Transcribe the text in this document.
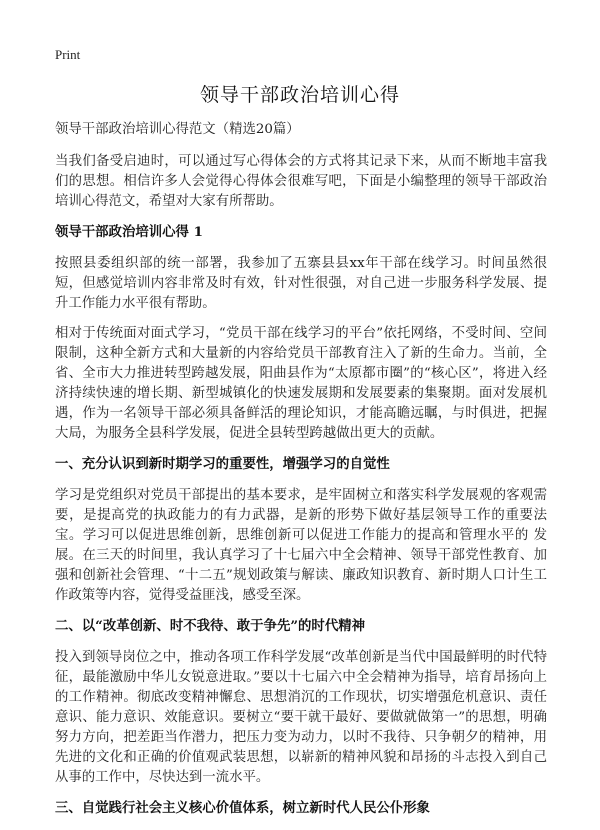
Print
领导干部政治培训心得
领导干部政治培训心得范文（精选20篇）

当我们备受启迪时，可以通过写心得体会的方式将其记录下来，从而不断地丰富我们的思想。相信许多人会觉得心得体会很难写吧，下面是小编整理的领导干部政治培训心得范文，希望对大家有所帮助。

领导干部政治培训心得 1

按照县委组织部的统一部署，我参加了五寨县县xx年干部在线学习。时间虽然很短，但感觉培训内容非常及时有效，针对性很强，对自己进一步服务科学发展、提升工作能力水平很有帮助。

相对于传统面对面式学习，“党员干部在线学习的平台”依托网络，不受时间、空间限制，这种全新方式和大量新的内容给党员干部教育注入了新的生命力。当前，全省、全市大力推进转型跨越发展，阳曲县作为“太原都市圈”的“核心区”，将进入经济持续快速的增长期、新型城镇化的快速发展期和发展要素的集聚期。面对发展机遇，作为一名领导干部必须具备鲜活的理论知识，才能高瞻远瞩，与时俱进，把握大局，为服务全县科学发展，促进全县转型跨越做出更大的贡献。

一、充分认识到新时期学习的重要性，增强学习的自觉性

学习是党组织对党员干部提出的基本要求，是牢固树立和落实科学发展观的客观需要，是提高党的执政能力的有力武器，是新的形势下做好基层领导工作的重要法宝。学习可以促进思维创新，思维创新可以促进工作能力的提高和管理水平的 发展。在三天的时间里，我认真学习了十七届六中全会精神、领导干部党性教育、加强和创新社会管理、“十二五”规划政策与解读、廉政知识教育、新时期人口计生工作政策等内容，觉得受益匪浅，感受至深。

二、以“改革创新、时不我待、敢于争先”的时代精神

投入到领导岗位之中，推动各项工作科学发展“改革创新是当代中国最鲜明的时代特征，最能激励中华儿女锐意进取。”要以十七届六中全会精神为指导，培育昂扬向上的工作精神。彻底改变精神懈怠、思想消沉的工作现状，切实增强危机意识、责任意识、能力意识、效能意识。要树立“要干就干最好、要做就做第一”的思想，明确努力方向，把差距当作潜力，把压力变为动力，以时不我待、只争朝夕的精神，用先进的文化和正确的价值观武装思想，以崭新的精神风貌和昂扬的斗志投入到自己从事的工作中，尽快达到一流水平。

三、自觉践行社会主义核心价值体系，树立新时代人民公仆形象
